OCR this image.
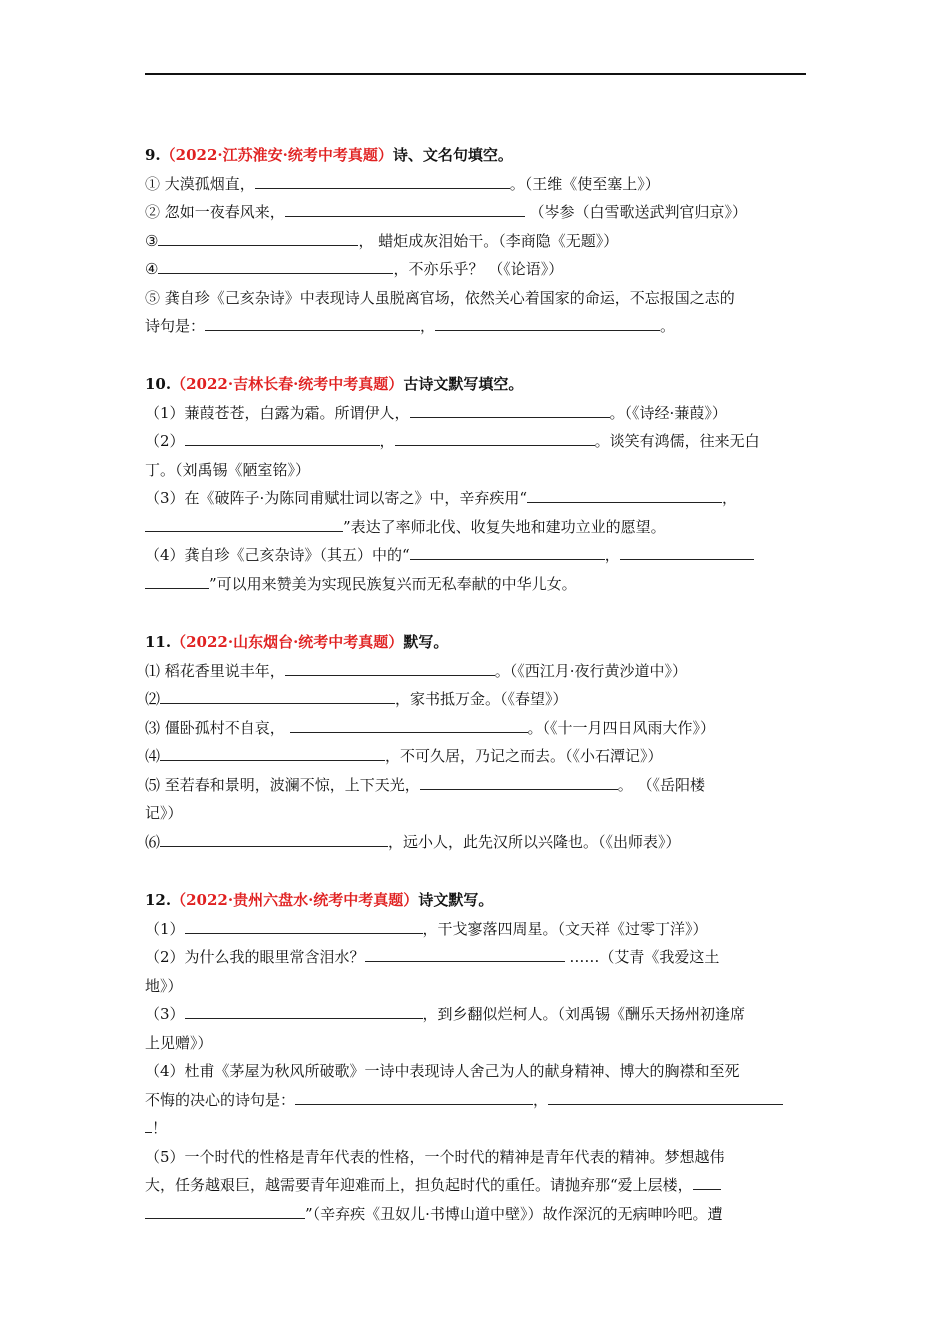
9.（2022·江苏淮安·统考中考真题）诗、文名句填空。
① 大漠孤烟直，	。（王维《使至塞上》）
② 忽如一夜春风来，	（岑参（白雪歌送武判官归京》）
③	， 蜡炬成灰泪始干。（李商隐《无题》）
④	，不亦乐乎？ （《论语》）
⑤ 龚自珍《己亥杂诗》中表现诗人虽脱离官场，依然关心着国家的命运，不忘报国之志的
诗句是：	，	。
10.（2022·吉林长春·统考中考真题）古诗文默写填空。
（1）蒹葭苍苍，白露为霜。所谓伊人，	。（《诗经·蒹葭》）
（2）	，	。谈笑有鸿儒，往来无白
丁。（刘禹锡《陋室铭》）
（3）在《破阵子·为陈同甫赋壮词以寄之》中，辛弃疾用“	，
”表达了率师北伐、收复失地和建功立业的愿望。
（4）龚自珍《己亥杂诗》（其五）中的“	，
”可以用来赞美为实现民族复兴而无私奉献的中华儿女。
11.（2022·山东烟台·统考中考真题）默写。
⑴ 稻花香里说丰年，	。（《西江月·夜行黄沙道中》）
⑵	，家书抵万金。（《春望》）
⑶ 僵卧孤村不自哀，	。（《十一月四日风雨大作》）
⑷	，不可久居，乃记之而去。（《小石潭记》）
⑸ 至若春和景明，波澜不惊，上下天光，	。 （《岳阳楼
记》）
⑹	，远小人，此先汉所以兴隆也。（《出师表》）
12.（2022·贵州六盘水·统考中考真题）诗文默写。
（1）	，干戈寥落四周星。（文天祥《过零丁洋》）
（2）为什么我的眼里常含泪水？	……（艾青《我爱这土
地》）
（3）	，到乡翻似烂柯人。（刘禹锡《酬乐天扬州初逢席
上见赠》）
（4）杜甫《茅屋为秋风所破歌》一诗中表现诗人舍己为人的献身精神、博大的胸襟和至死
不悔的决心的诗句是：	，
！
（5）一个时代的性格是青年代表的性格，一个时代的精神是青年代表的精神。梦想越伟
大，任务越艰巨，越需要青年迎难而上，担负起时代的重任。请抛弃那“爱上层楼，
”（辛弃疾《丑奴儿·书博山道中壁》）故作深沉的无病呻吟吧。遭
